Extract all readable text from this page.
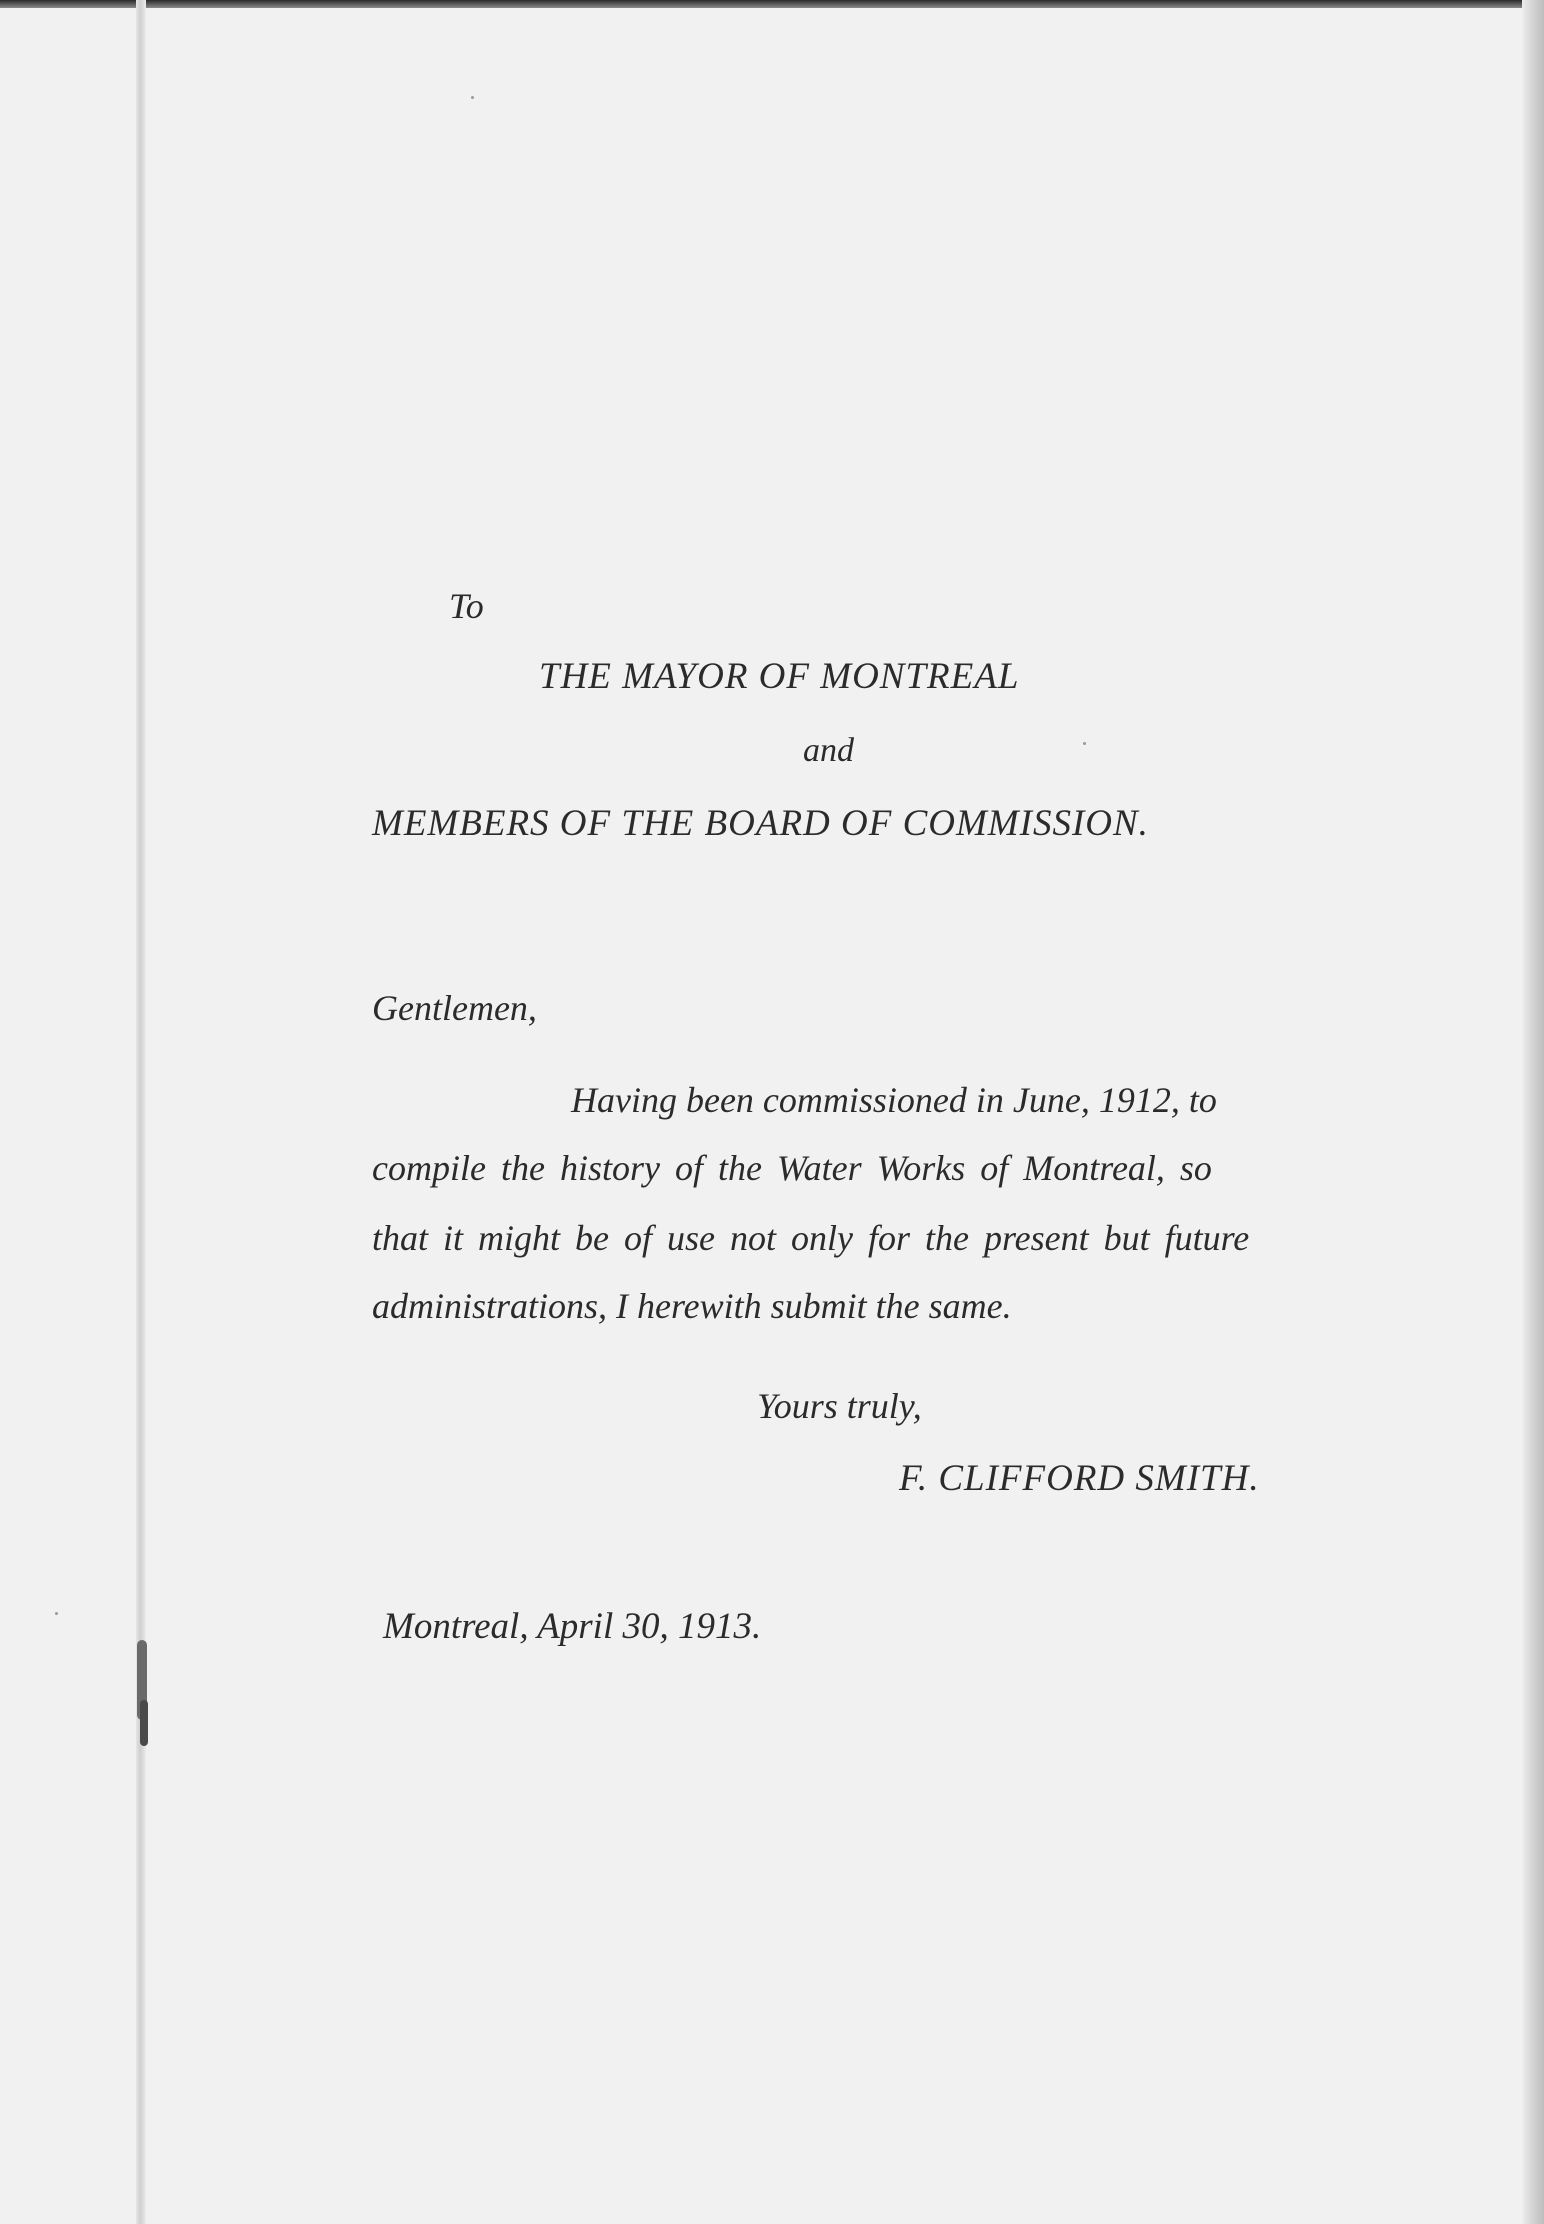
To

THE MAYOR OF MONTREAL

and

MEMBERS OF THE BOARD OF COMMISSION.

Gentlemen,

Having been commissioned in June, 1912, to

compile the history of the Water Works of Montreal, so

that it might be of use not only for the present but future

administrations, I herewith submit the same.

Yours truly,

F. CLIFFORD SMITH.

Montreal, April 30, 1913.
